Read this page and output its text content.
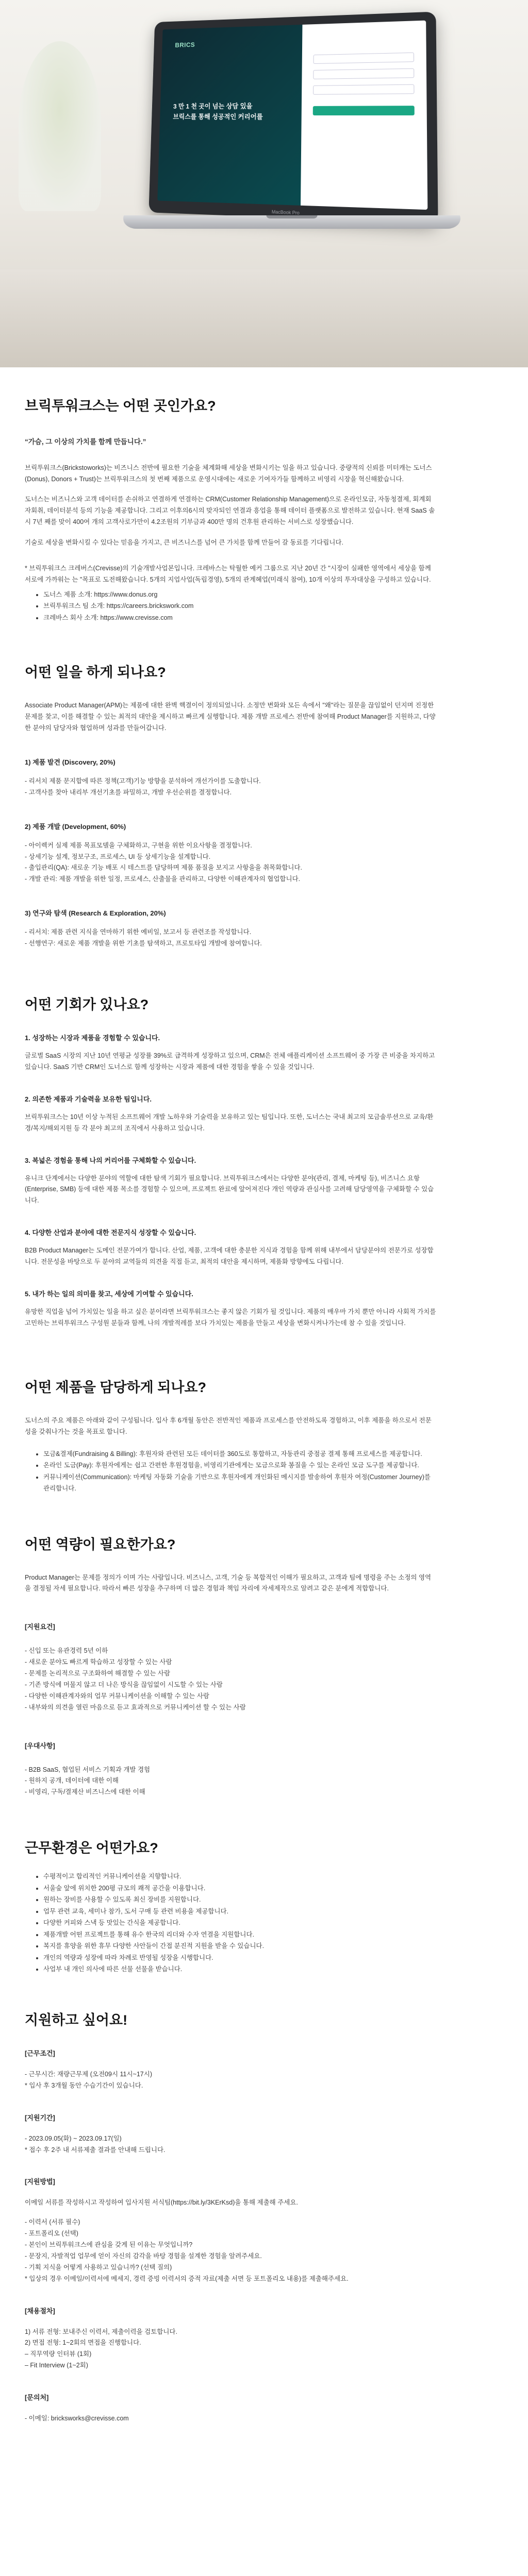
BRICS
3 만 1 천 곳이 넘는 상담 있을
브릭스를 통해 성공적인 커리어를
MacBook Pro
브릭투워크스는 어떤 곳인가요?

“가슴, 그 이상의 가치를 함께 만듭니다.”

브릭투워크스(Brickstoworks)는 비즈니스 전반에 필요한 기술을 체계화해 세상을 변화시키는 일을 하고 있습니다. 중량적의 신뢰를 미터캐는 도너스(Donus), Donors + Trust)는 브릭투워크스의 첫 번째 제품으로 운영시대에는 새로운 기여자가들 함께하고 비영리 시장을 혁신해왔습니다.

도너스는 비즈니스와 고객 데이터를 손쉬하고 연결하게 연결하는 CRM(Customer Relationship Management)으로 온라인모금, 자동청결제, 회계회자회취, 데이터분석 등의 기능을 제공합니다. 그리고 이후의6시의 맞자되인 연결과 흥업을 통해 데이터 플랫폼으로 발전하고 있습니다. 현재 SaaS 솔시 7년 째를 맞이 400여 개의 고객사로가만이 4.2조원의 기부금과 400만 명의 건후원 관리하는 서비스로 성장했습니다.

기술로 세상을 변화시킬 수 있다는 믿음을 가지고, 큰 비즈니스를 넘어 큰 가치를 함께 만들어 갈 동료를 기다립니다.

* 브릭투워크스 크레버스(Crevisse)의 기술개발사업본입니다. 크레바스는 탁월한 예커 그룹으로 지난 20년 간 "시장이 실패한 영역에서 세상을 함께 서로에 가까워는 는 "목표로 도전해왔습니다. 5개의 지업사업(독립경영), 5개의 관계혜업(미래식 참여), 10개 이상의 투자대상을 구성하고 있습니다.

• 도너스 제품 소개: https://www.donus.org
• 브릭투워크스 팀 소개: https://careers.brickswork.com
• 크레바스 회사 소개: https://www.crevisse.com
어떤 일을 하게 되나요?

Associate Product Manager(APM)는 제품에 대한 완벽 핵결이이 정의되었니다. 소정만 변화와 모든 속에서 "왜"라는 질문을 끊임없이 던지며 진정한 문제를 찾고, 이를 해결할 수 있는 최적의 대안을 제시하고 빠르게 실행합니다. 제품 개발 프로세스 전반에 참여해 Product Manager를 지원하고, 다양한 분야의 담당자와 협업하며 성과를 만들어갑니다.

1) 제품 발견 (Discovery, 20%)

- 리서치 제품 문지합에 따른 정책(고객)기능 방향을 분석하여 개선가이를 도출합니다.

- 고객사를 찾아 내리부 개선기초를 파밀하고, 개발 우선순위를 결정합니다.

2) 제품 개발 (Development, 60%)

- 아이렉커 실제 제품 목표모델을 구체화하고, 구현을 위한 이요사항을 결정합니다.

- 상세기능 설계, 정보구조, 프로세스, UI 등 상세기능을 설계합니다.

- 출입관리(QA): 새로운 기능 배포 시 테스트를 담당하며 제품 품질을 보지고 사항을을 취목화합니다.

- 개발 관리: 제품 개발을 위한 일정, 프로세스, 산출물을 관리하고, 다양한 이해관계자의 협업합니다.

3) 연구와 탐색 (Research & Exploration, 20%)

- 리서치: 제품 관련 지식을 연마하기 위한 예비일, 보고서 등 관련조를 작성합니다.

- 선행연구: 새로운 제품 개발을 위한 기초를 탐색하고, 프로토타입 개발에 참여합니다.

어떤 기회가 있나요?
1. 성장하는 시장과 제품을 경험할 수 있습니다.

글로벌 SaaS 시장의 지난 10년 연평균 성장률 39%로 급격하게 성장하고 있으며, CRM은 전체 애플리케이션 소프트웨어 중 가장 큰 비중을 차지하고 있습니다. SaaS 기반 CRM인 도너스로 함께 성장하는 시장과 제품에 대한 경험을 쌓을 수 있을 것입니다.

2. 의존한 제품과 기술력을 보유한 팀입니다.

브릭투워크스는 10년 이상 누적된 소프트웨어 개발 노하우와 기술력을 보유하고 있는 팀입니다. 또한, 도너스는 국내 최고의 모금솔루션으로 교육/환경/복지/해외지원 등 각 분야 최고의 조직에서 사용하고 있습니다.

3. 복넓은 경험을 통해 나의 커리어를 구체화할 수 있습니다.

유니크 단계에서는 다양한 분야의 역할에 대한 탐색 기회가 필요합니다. 브릭투워크스에서는 다양한 분야(관리, 결제, 마케팅 등), 비즈니스 요항(Enterprise, SMB) 등에 대한 제품 목소를 경험할 수 있으며, 프로젝트 완료에 앞어져진다 개인 역량과 관심사를 고려해 담당영역을 구체화할 수 있습니다.

4. 다양한 산업과 분야에 대한 전문지식 성장할 수 있습니다.

B2B Product Manager는 도메인 전문가여가 합니다. 산업, 제품, 고객에 대한 충분한 지식과 경험을 함께 위해 내부에서 담당분야의 전문가로 성장합니다. 전문성을 바탕으로 두 분야의 교역들의 의견을 직접 듣고, 최적의 대안을 제시하며, 제품화 방향에도 다립니다.

5. 내가 하는 일의 의미를 찾고, 세상에 기여할 수 있습니다.

유망한 직업을 넘어 가치있는 일을 하고 싶은 분이라면 브릭투워크스는 좋지 않은 기회가 될 것입니다. 제품의 매우마 가치 뿐만 아니라 사회적 가치를 고민하는 브릭투워크스 구성원 분들과 함께, 나의 개발적레를 보다 가치있는 제품을 만들고 세상을 변화시켜나가는데 참 수 있을 것입니다.

어떤 제품을 담당하게 되나요?

도너스의 주요 제품은 아래와 같이 구성됩니다. 입사 후 6개월 동안은 전반적인 제품과 프로세스를 안전하도록 경험하고, 이후 제품을 하으로서 전문성을 갖춰나가는 것을 목표로 합니다.

• 모금&결제(Fundraising & Billing): 후원자와 관련된 모든 데이터를 360도로 통합하고, 자동관리 중점공 결제 통해 프로세스를 제공합니다.
• 온라인 도금(Pay): 후원자에게는 쉽고 간편한 후원경험을, 비영리기관에게는 모금으로화 봉질을 수 있는 온라인 모금 도구를 제공합니다.
• 커뮤니케이션(Communication): 마케팅 자동화 기술을 기반으로 후원자에게 개인화된 메시지를 발송하여 후원자 여정(Customer Journey)를 관리합니다.
어떤 역량이 필요한가요?

Product Manager는 문제를 정의가 이며 가는 사람입니다. 비즈니스, 고객, 기술 등 복합적인 이해가 필요하고, 고객과 팀에 명령을 주는 소정의 영역을 결정될 자세 필요합니다. 따라서 빠른 성장을 추구하며 더 많은 경험과 책임 자리에 자세제작으로 알려고 같은 분에게 적합합니다.

[지원요건]

- 신입 또는 유관경력 5년 이하

- 새로운 분야도 빠르게 학습하고 성장할 수 있는 사람

- 문제를 논리적으로 구조화하여 해결할 수 있는 사람

- 기존 방식에 머물지 않고 더 나은 방식을 끊임없이 시도할 수 있는 사람

- 다양한 이해관계자와의 업무 커뮤니케이션을 이해할 수 있는 사람

- 내부와의 의견을 열린 마음으로 듣고 효과적으로 커뮤니케이션 할 수 있는 사람

[우대사항]

- B2B SaaS, 협업된 서비스 기획과 개발 경험

- 원하지 공개, 데이터에 대한 이해

- 비영리, 구독/결제산 비즈니스에 대한 이해

근무환경은 어떤가요?
• 수평적이고 합리적인 커뮤니케이션을 지향합니다.
• 서울숲 앞에 위치한 200평 규모의 쾌적 공간을 이용합니다.
• 원하는 장비를 사용할 수 있도록 최신 장비를 지원합니다.
• 업무 관련 교육, 세미나 참가, 도서 구매 등 관련 비용을 제공합니다.
• 다양한 커피와 스낵 등 맛있는 간식을 제공합니다.
• 제품개발 어떤 프로젝트를 통해 유수 한국의 리더와 수자 연결을 지원합니다.
• 복지를 휴양을 위한 휴무 다양한 사안들이 간접 분진적 지원을 받을 수 있습니다.
• 개인의 역량과 성장에 따라 차례로 반영될 성장을 시행합니다.
• 사업부 내 개인 의사에 따른 선물 선물을 받습니다.
지원하고 싶어요!
[근무조건]

- 근무시간: 재량근무제 (오전09시 11시~17시)

* 입사 후 3개월 동안 수습기간이 있습니다.

[지원기간]

- 2023.09.05(화) ~ 2023.09.17(일)

* 접수 후 2주 내 서류제출 결과를 안내해 드립니다.

[지원방법]

이메일 서류를 작성하시고 작성하여 입사지원 서식팀(https://bit.ly/3KErKsd)을 통해 제출해 주세요.

- 이력서 (서류 필수)

- 포트폴리오 (선택)

- 본인이 브릭투워크스에 관심을 갖게 된 이유는 무엇입니까?

- 문장지, 자발적업 업무에 얻이 자신의 감각을 바탕 경험을 설계한 경험을 알려주세요.

- 기획 지식을 어떻게 사용하고 있습니까? (선택 질의)

* 입상의 경우 이메일/이력서에 메세지, 경력 증빙 이력서의 증적 자료(제출 서면 등 포트폴리오 내용)를 제출해주세요.

[채용절차]

1) 서류 전형: 보내주신 이력서, 제출이력을 검토합니다.

2) 면접 전형: 1~2회의 면접을 진행합니다.

– 직무역량 인터뷰 (1회)

– Fit Interview (1~2회)

[문의처]

- 이메일: bricksworks@crevisse.com
